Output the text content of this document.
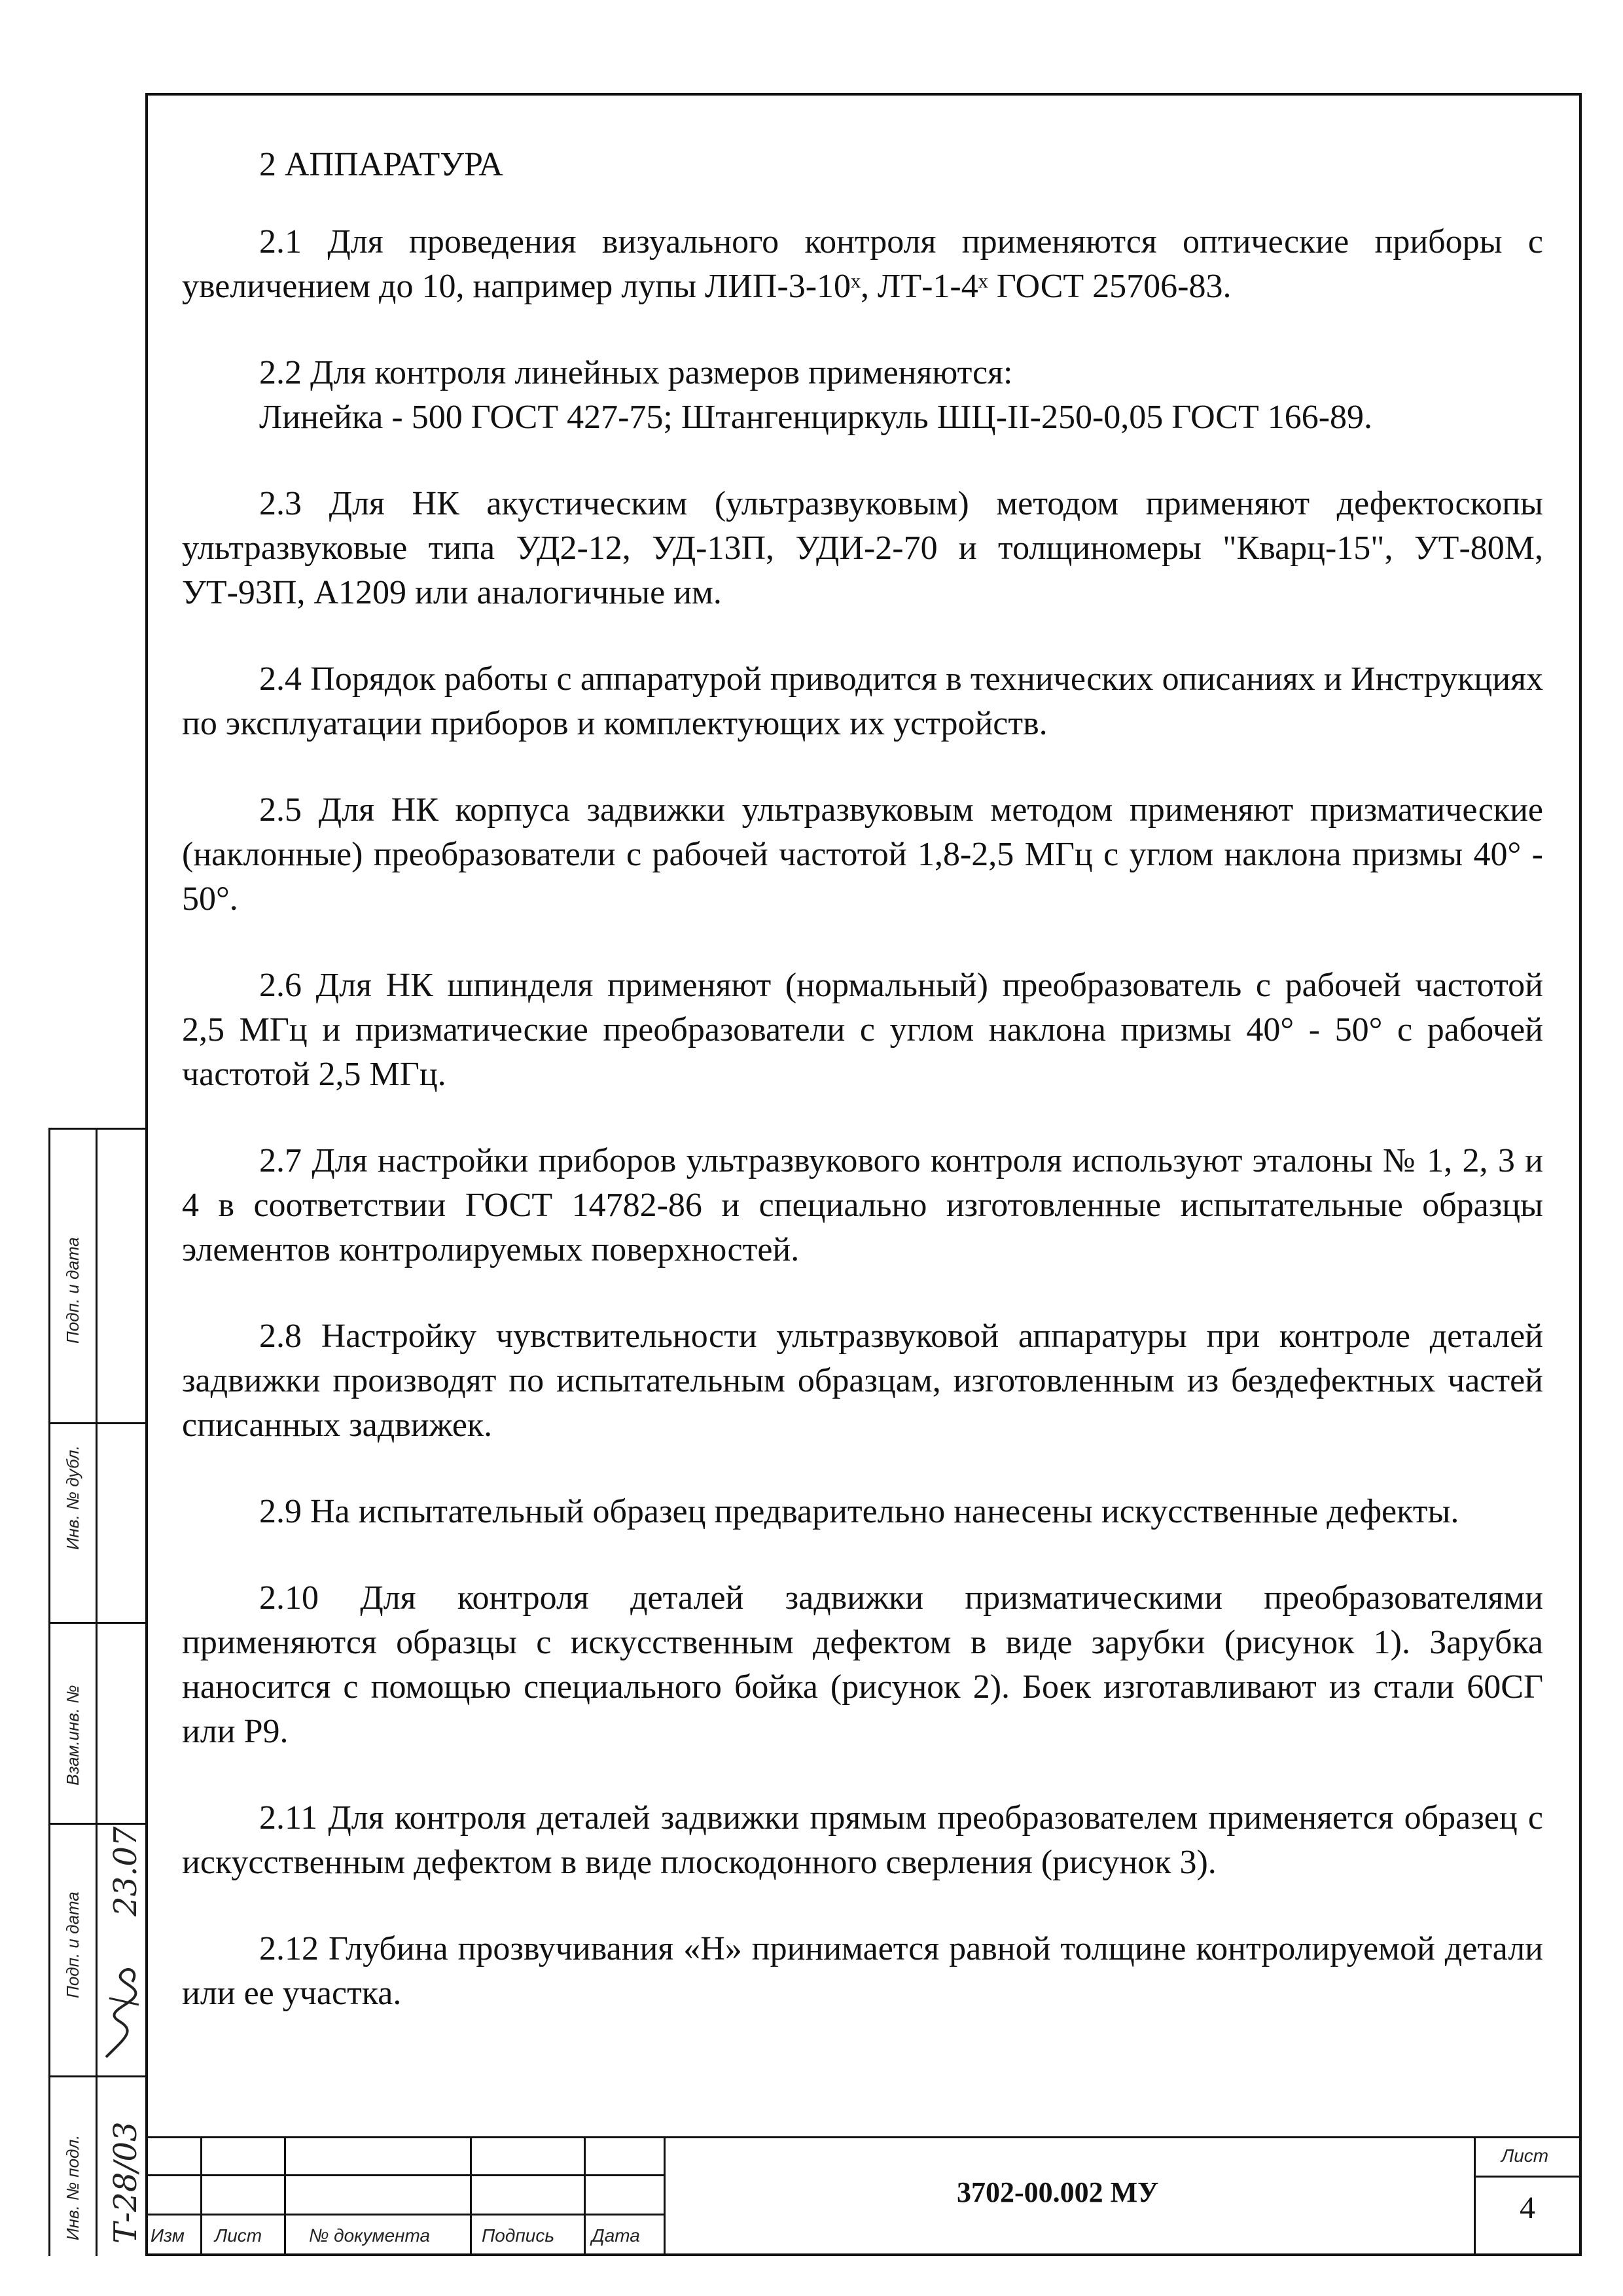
2 АППАРАТУРА

2.1 Для проведения визуального контроля применяются оптические приборы с увеличением до 10, например лупы ЛИП-3-10ˣ, ЛТ-1-4ˣ ГОСТ 25706-83.

2.2 Для контроля линейных размеров применяются:
Линейка - 500 ГОСТ 427-75; Штангенциркуль ШЦ-II-250-0,05 ГОСТ 166-89.

2.3 Для НК акустическим (ультразвуковым) методом применяют дефектоскопы ультразвуковые типа УД2-12, УД-13П, УДИ-2-70 и толщиномеры "Кварц-15", УТ-80М, УТ-93П, А1209 или аналогичные им.

2.4 Порядок работы с аппаратурой приводится в технических описаниях и Инструкциях по эксплуатации приборов и комплектующих их устройств.

2.5 Для НК корпуса задвижки ультразвуковым методом применяют призматические (наклонные) преобразователи с рабочей частотой 1,8-2,5 МГц с углом наклона призмы 40° - 50°.

2.6 Для НК шпинделя применяют (нормальный) преобразователь с рабочей частотой 2,5 МГц и призматические преобразователи с углом наклона призмы 40° - 50° с рабочей частотой 2,5 МГц.

2.7 Для настройки приборов ультразвукового контроля используют эталоны № 1, 2, 3 и 4 в соответствии ГОСТ 14782-86 и специально изготовленные испытательные образцы элементов контролируемых поверхностей.

2.8 Настройку чувствительности ультразвуковой аппаратуры при контроле деталей задвижки производят по испытательным образцам, изготовленным из бездефектных частей списанных задвижек.

2.9 На испытательный образец предварительно нанесены искусственные дефекты.

2.10 Для контроля деталей задвижки призматическими преобразователями применяются образцы с искусственным дефектом в виде зарубки (рисунок 1). Зарубка наносится с помощью специального бойка (рисунок 2). Боек изготавливают из стали 60СГ или Р9.

2.11 Для контроля деталей задвижки прямым преобразователем применяется образец с искусственным дефектом в виде плоскодонного сверления (рисунок 3).

2.12 Глубина прозвучивания «Н» принимается равной толщине контролируемой детали или ее участка.

Подп. и дата
Инв. № дубл.
Взам.инв. №
Подп. и дата
Инв. № подл.
23.07
Т-28/03 Изм Лист	№ документа	Подпись Дата
3702-00.002 МУ
Лист
4
